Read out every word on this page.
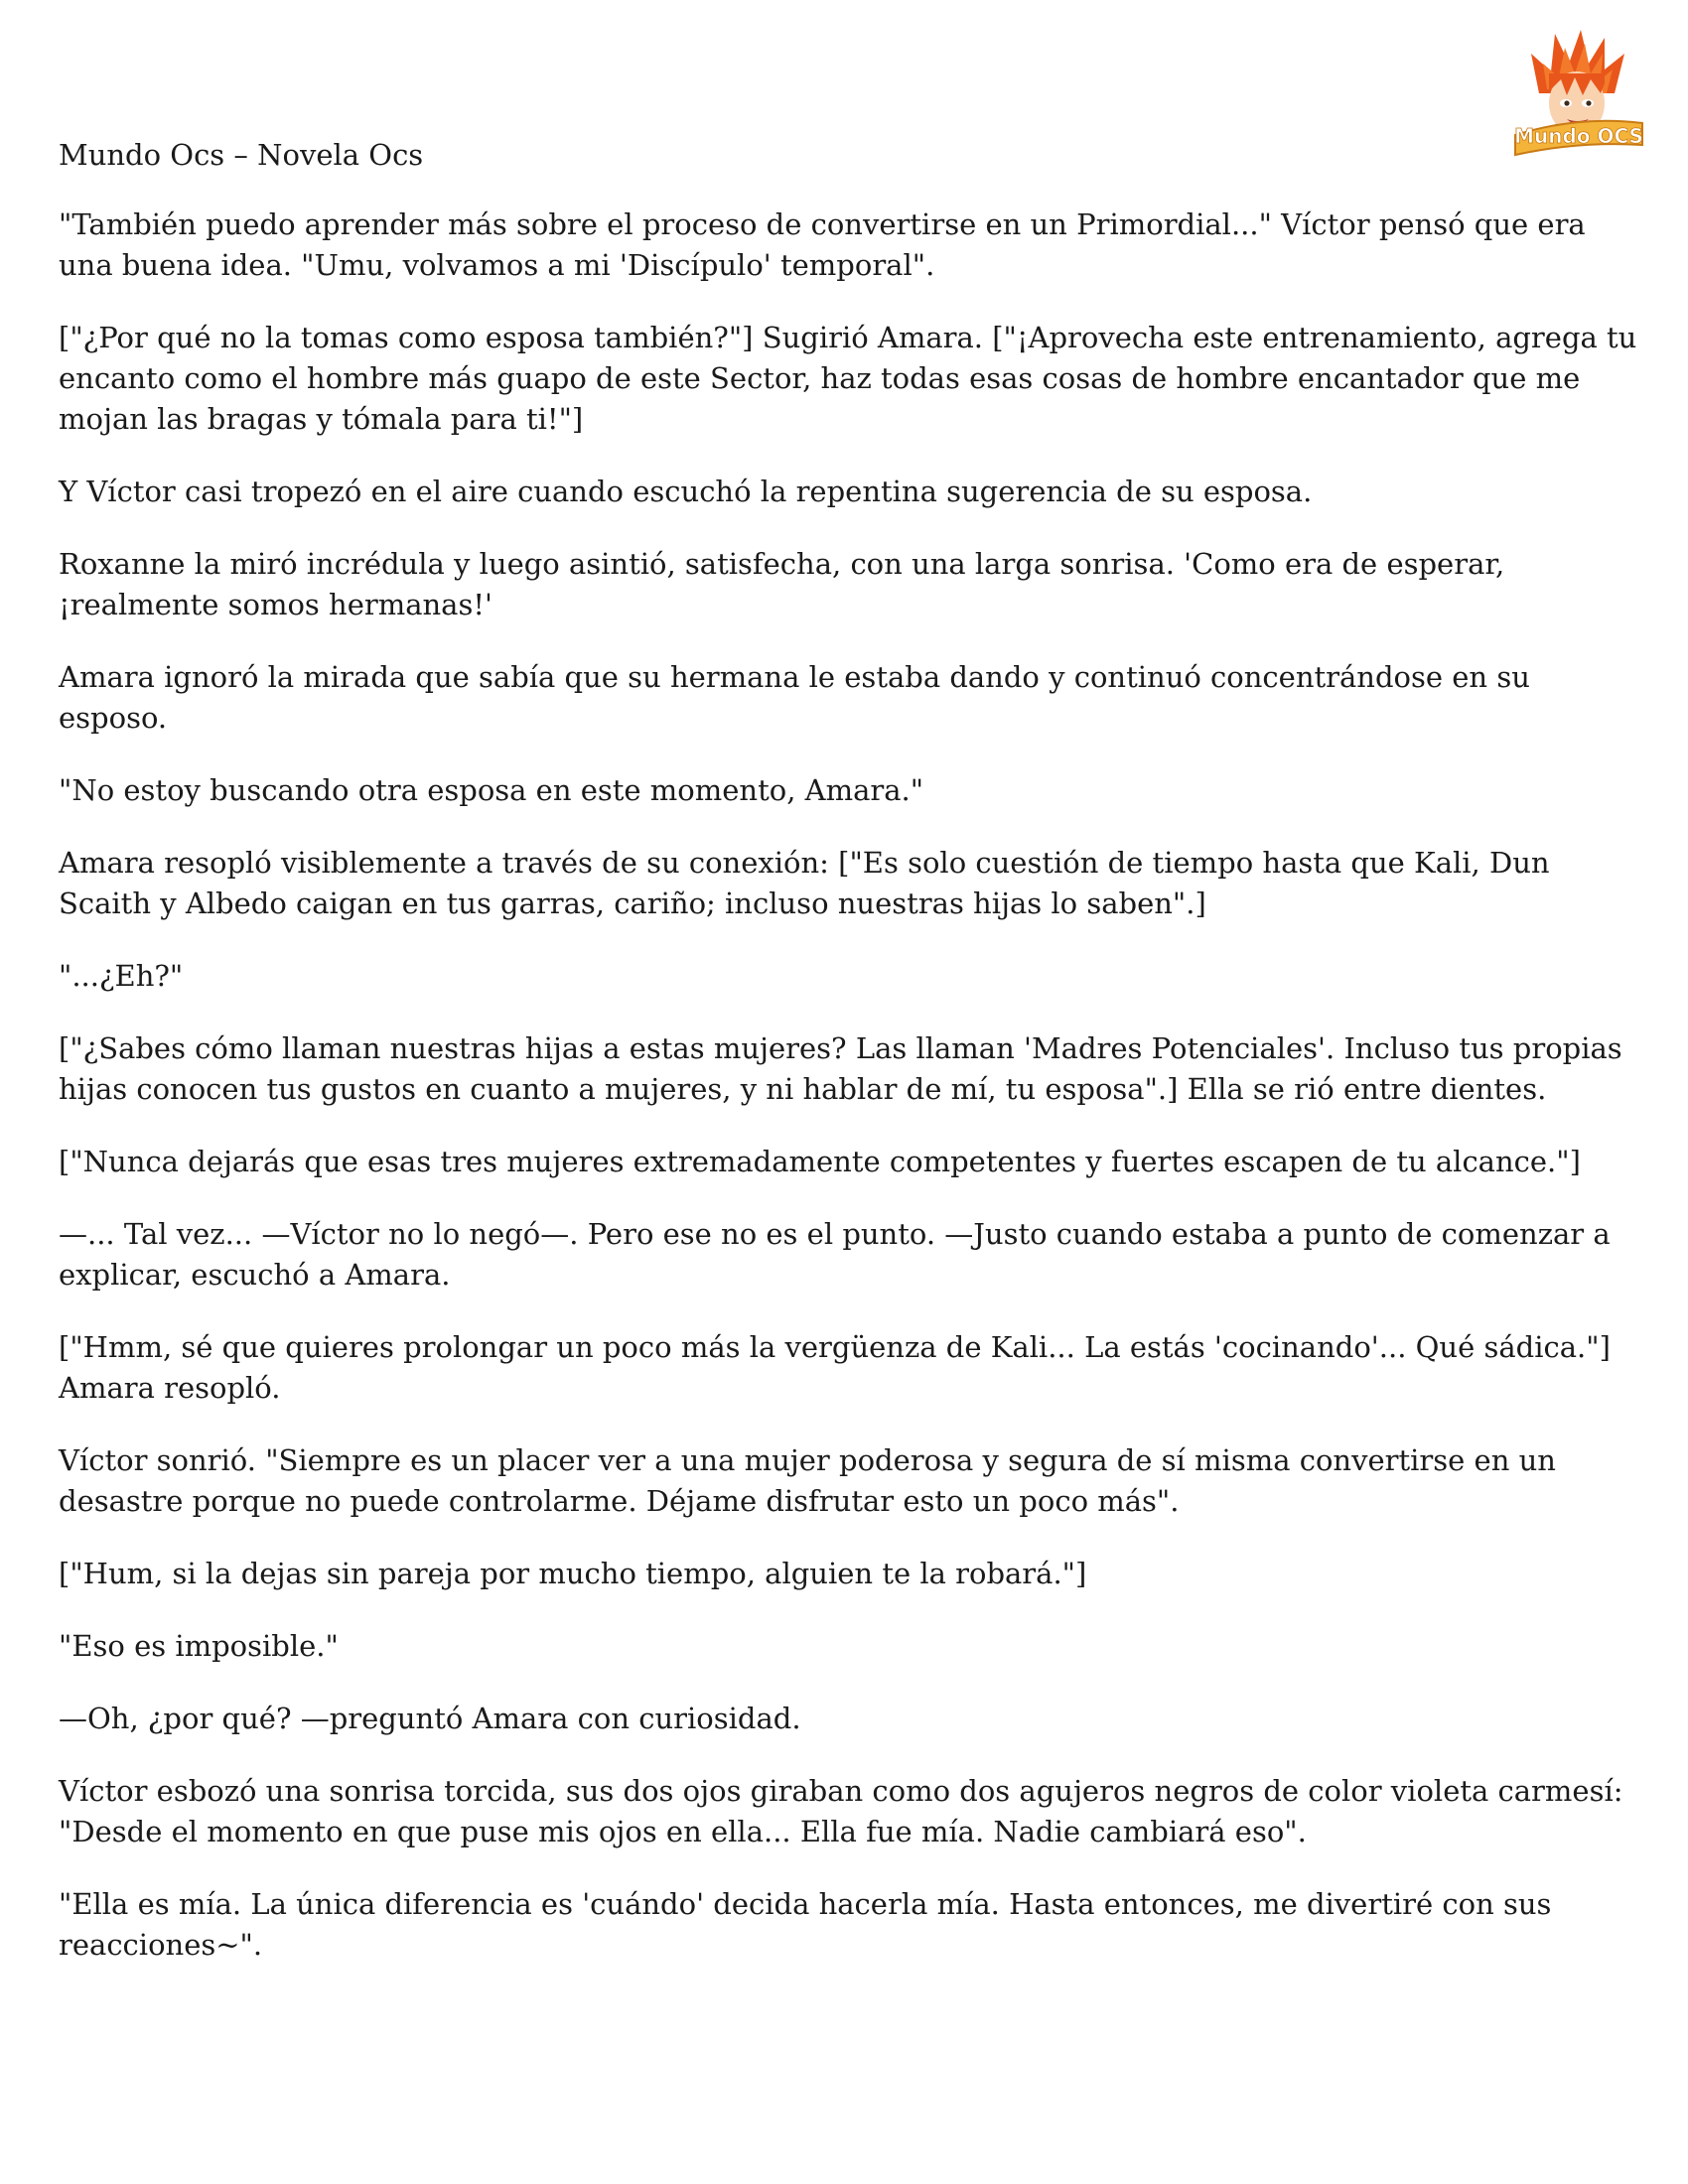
Mundo OCS
Mundo Ocs – Novela Ocs

"También puedo aprender más sobre el proceso de convertirse en un Primordial..." Víctor pensó que era una buena idea. "Umu, volvamos a mi 'Discípulo' temporal".

["¿Por qué no la tomas como esposa también?"] Sugirió Amara. ["¡Aprovecha este entrenamiento, agrega tu encanto como el hombre más guapo de este Sector, haz todas esas cosas de hombre encantador que me mojan las bragas y tómala para ti!"]

Y Víctor casi tropezó en el aire cuando escuchó la repentina sugerencia de su esposa.

Roxanne la miró incrédula y luego asintió, satisfecha, con una larga sonrisa. 'Como era de esperar, ¡realmente somos hermanas!'

Amara ignoró la mirada que sabía que su hermana le estaba dando y continuó concentrándose en su esposo.

"No estoy buscando otra esposa en este momento, Amara."

Amara resopló visiblemente a través de su conexión: ["Es solo cuestión de tiempo hasta que Kali, Dun Scaith y Albedo caigan en tus garras, cariño; incluso nuestras hijas lo saben".]

"...¿Eh?"

["¿Sabes cómo llaman nuestras hijas a estas mujeres? Las llaman 'Madres Potenciales'. Incluso tus propias hijas conocen tus gustos en cuanto a mujeres, y ni hablar de mí, tu esposa".] Ella se rió entre dientes.

["Nunca dejarás que esas tres mujeres extremadamente competentes y fuertes escapen de tu alcance."]

—... Tal vez... —Víctor no lo negó—. Pero ese no es el punto. —Justo cuando estaba a punto de comenzar a explicar, escuchó a Amara.

["Hmm, sé que quieres prolongar un poco más la vergüenza de Kali... La estás 'cocinando'... Qué sádica."] Amara resopló.

Víctor sonrió. "Siempre es un placer ver a una mujer poderosa y segura de sí misma convertirse en un desastre porque no puede controlarme. Déjame disfrutar esto un poco más".

["Hum, si la dejas sin pareja por mucho tiempo, alguien te la robará."]

"Eso es imposible."

—Oh, ¿por qué? —preguntó Amara con curiosidad.

Víctor esbozó una sonrisa torcida, sus dos ojos giraban como dos agujeros negros de color violeta carmesí: "Desde el momento en que puse mis ojos en ella... Ella fue mía. Nadie cambiará eso".

"Ella es mía. La única diferencia es 'cuándo' decida hacerla mía. Hasta entonces, me divertiré con sus reacciones~".
